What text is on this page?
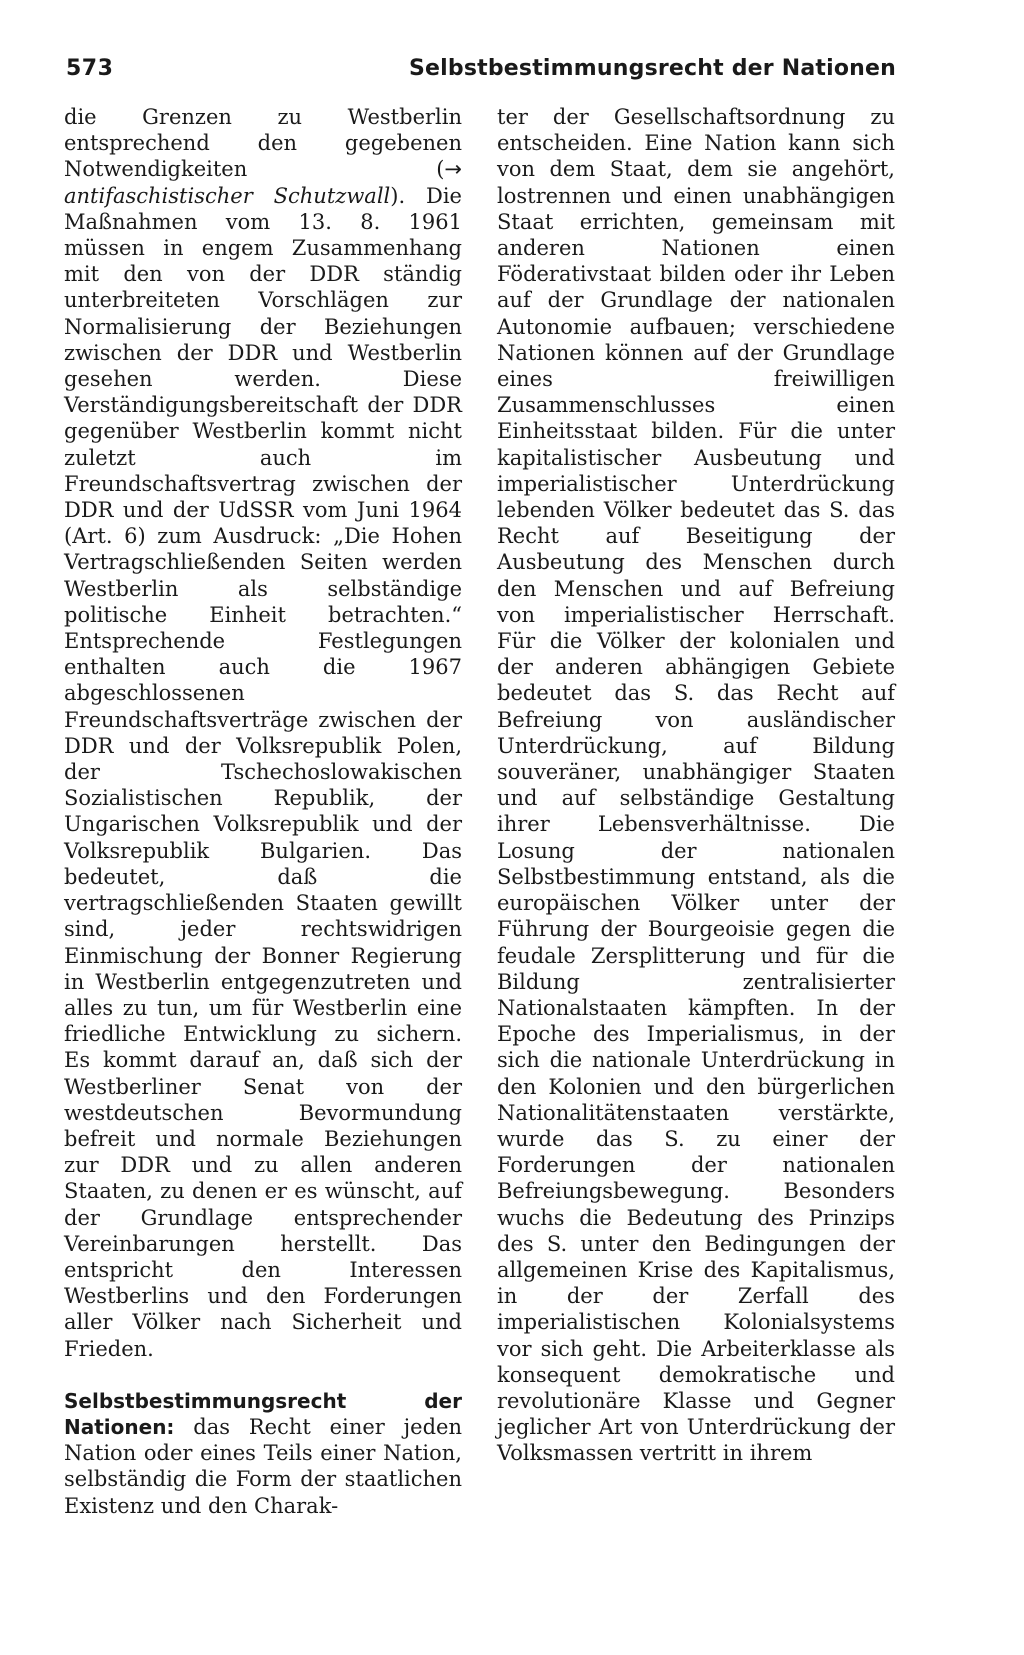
573	Selbstbestimmungsrecht der Nationen

die Grenzen zu Westberlin entsprechend den gegebenen Notwendigkeiten (→ antifaschistischer Schutzwall). Die Maßnahmen vom 13. 8. 1961 müssen in engem Zusammenhang mit den von der DDR ständig unterbreiteten Vorschlägen zur Normalisierung der Beziehungen zwischen der DDR und Westberlin gesehen werden. Diese Verständigungsbereitschaft der DDR gegenüber Westberlin kommt nicht zuletzt auch im Freundschaftsvertrag zwischen der DDR und der UdSSR vom Juni 1964 (Art. 6) zum Ausdruck: „Die Hohen Vertragschließenden Seiten werden Westberlin als selbständige politische Einheit betrachten.“ Entsprechende Festlegungen enthalten auch die 1967 abgeschlossenen Freundschaftsverträge zwischen der DDR und der Volksrepublik Polen, der Tschechoslowakischen Sozialistischen Republik, der Ungarischen Volksrepublik und der Volksrepublik Bulgarien. Das bedeutet, daß die vertragschließenden Staaten gewillt sind, jeder rechtswidrigen Einmischung der Bonner Regierung in Westberlin entgegenzutreten und alles zu tun, um für Westberlin eine friedliche Entwicklung zu sichern. Es kommt darauf an, daß sich der Westberliner Senat von der westdeutschen Bevormundung befreit und normale Beziehungen zur DDR und zu allen anderen Staaten, zu denen er es wünscht, auf der Grundlage entsprechender Vereinbarungen herstellt. Das entspricht den Interessen Westberlins und den Forderungen aller Völker nach Sicherheit und Frieden.

Selbstbestimmungsrecht der Nationen: das Recht einer jeden Nation oder eines Teils einer Nation, selbständig die Form der staatlichen Existenz und den Charak-

ter der Gesellschaftsordnung zu entscheiden. Eine Nation kann sich von dem Staat, dem sie angehört, lostrennen und einen unabhängigen Staat errichten, gemeinsam mit anderen Nationen einen Föderativstaat bilden oder ihr Leben auf der Grundlage der nationalen Autonomie aufbauen; verschiedene Nationen können auf der Grundlage eines freiwilligen Zusammenschlusses einen Einheitsstaat bilden. Für die unter kapitalistischer Ausbeutung und imperialistischer Unterdrückung lebenden Völker bedeutet das S. das Recht auf Beseitigung der Ausbeutung des Menschen durch den Menschen und auf Befreiung von imperialistischer Herrschaft. Für die Völker der kolonialen und der anderen abhängigen Gebiete bedeutet das S. das Recht auf Befreiung von ausländischer Unterdrückung, auf Bildung souveräner, unabhängiger Staaten und auf selbständige Gestaltung ihrer Lebensverhältnisse. Die Losung der nationalen Selbstbestimmung entstand, als die europäischen Völker unter der Führung der Bourgeoisie gegen die feudale Zersplitterung und für die Bildung zentralisierter Nationalstaaten kämpften. In der Epoche des Imperialismus, in der sich die nationale Unterdrückung in den Kolonien und den bürgerlichen Nationalitätenstaaten verstärkte, wurde das S. zu einer der Forderungen der nationalen Befreiungsbewegung. Besonders wuchs die Bedeutung des Prinzips des S. unter den Bedingungen der allgemeinen Krise des Kapitalismus, in der der Zerfall des imperialistischen Kolonialsystems vor sich geht. Die Arbeiterklasse als konsequent demokratische und revolutionäre Klasse und Gegner jeglicher Art von Unterdrückung der Volksmassen vertritt in ihrem
